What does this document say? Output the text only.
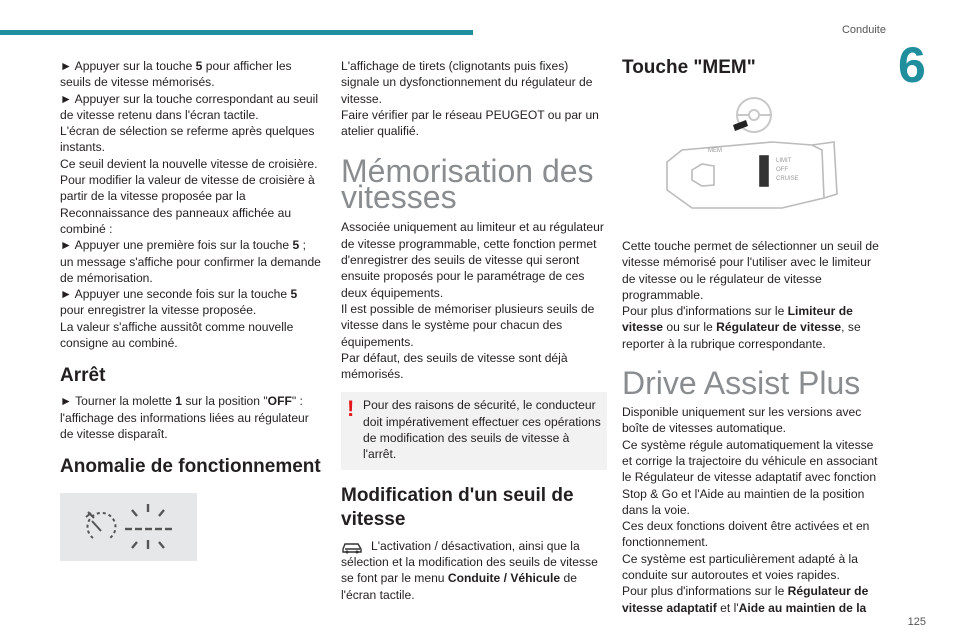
Conduite
6
125

► Appuyer sur la touche 5 pour afficher les seuils de vitesse mémorisés.

► Appuyer sur la touche correspondant au seuil de vitesse retenu dans l'écran tactile.

L'écran de sélection se referme après quelques instants.

Ce seuil devient la nouvelle vitesse de croisière.

Pour modifier la valeur de vitesse de croisière à partir de la vitesse proposée par la Reconnaissance des panneaux affichée au combiné :

► Appuyer une première fois sur la touche 5 ; un message s'affiche pour confirmer la demande de mémorisation.

► Appuyer une seconde fois sur la touche 5 pour enregistrer la vitesse proposée.

La valeur s'affiche aussitôt comme nouvelle consigne au combiné.

Arrêt

► Tourner la molette 1 sur la position "OFF" : l'affichage des informations liées au régulateur de vitesse disparaît.

Anomalie de fonctionnement

L'affichage de tirets (clignotants puis fixes) signale un dysfonctionnement du régulateur de vitesse.

Faire vérifier par le réseau PEUGEOT ou par un atelier qualifié.

Mémorisation des vitesses

Associée uniquement au limiteur et au régulateur de vitesse programmable, cette fonction permet d'enregistrer des seuils de vitesse qui seront ensuite proposés pour le paramétrage de ces deux équipements.

Il est possible de mémoriser plusieurs seuils de vitesse dans le système pour chacun des équipements.

Par défaut, des seuils de vitesse sont déjà mémorisés.

! Pour des raisons de sécurité, le conducteur doit impérativement effectuer ces opérations de modification des seuils de vitesse à l'arrêt.
Modification d'un seuil de vitesse

L'activation / désactivation, ainsi que la sélection et la modification des seuils de vitesse se font par le menu Conduite / Véhicule de l'écran tactile.

Touche "MEM"
MEM
LIMIT
OFF
CRUISE

Cette touche permet de sélectionner un seuil de vitesse mémorisé pour l'utiliser avec le limiteur de vitesse ou le régulateur de vitesse programmable.

Pour plus d'informations sur le Limiteur de vitesse ou sur le Régulateur de vitesse, se reporter à la rubrique correspondante.

Drive Assist Plus

Disponible uniquement sur les versions avec boîte de vitesses automatique.

Ce système régule automatiquement la vitesse et corrige la trajectoire du véhicule en associant le Régulateur de vitesse adaptatif avec fonction Stop & Go et l'Aide au maintien de la position dans la voie.

Ces deux fonctions doivent être activées et en fonctionnement.

Ce système est particulièrement adapté à la conduite sur autoroutes et voies rapides.

Pour plus d'informations sur le Régulateur de vitesse adaptatif et l'Aide au maintien de la
